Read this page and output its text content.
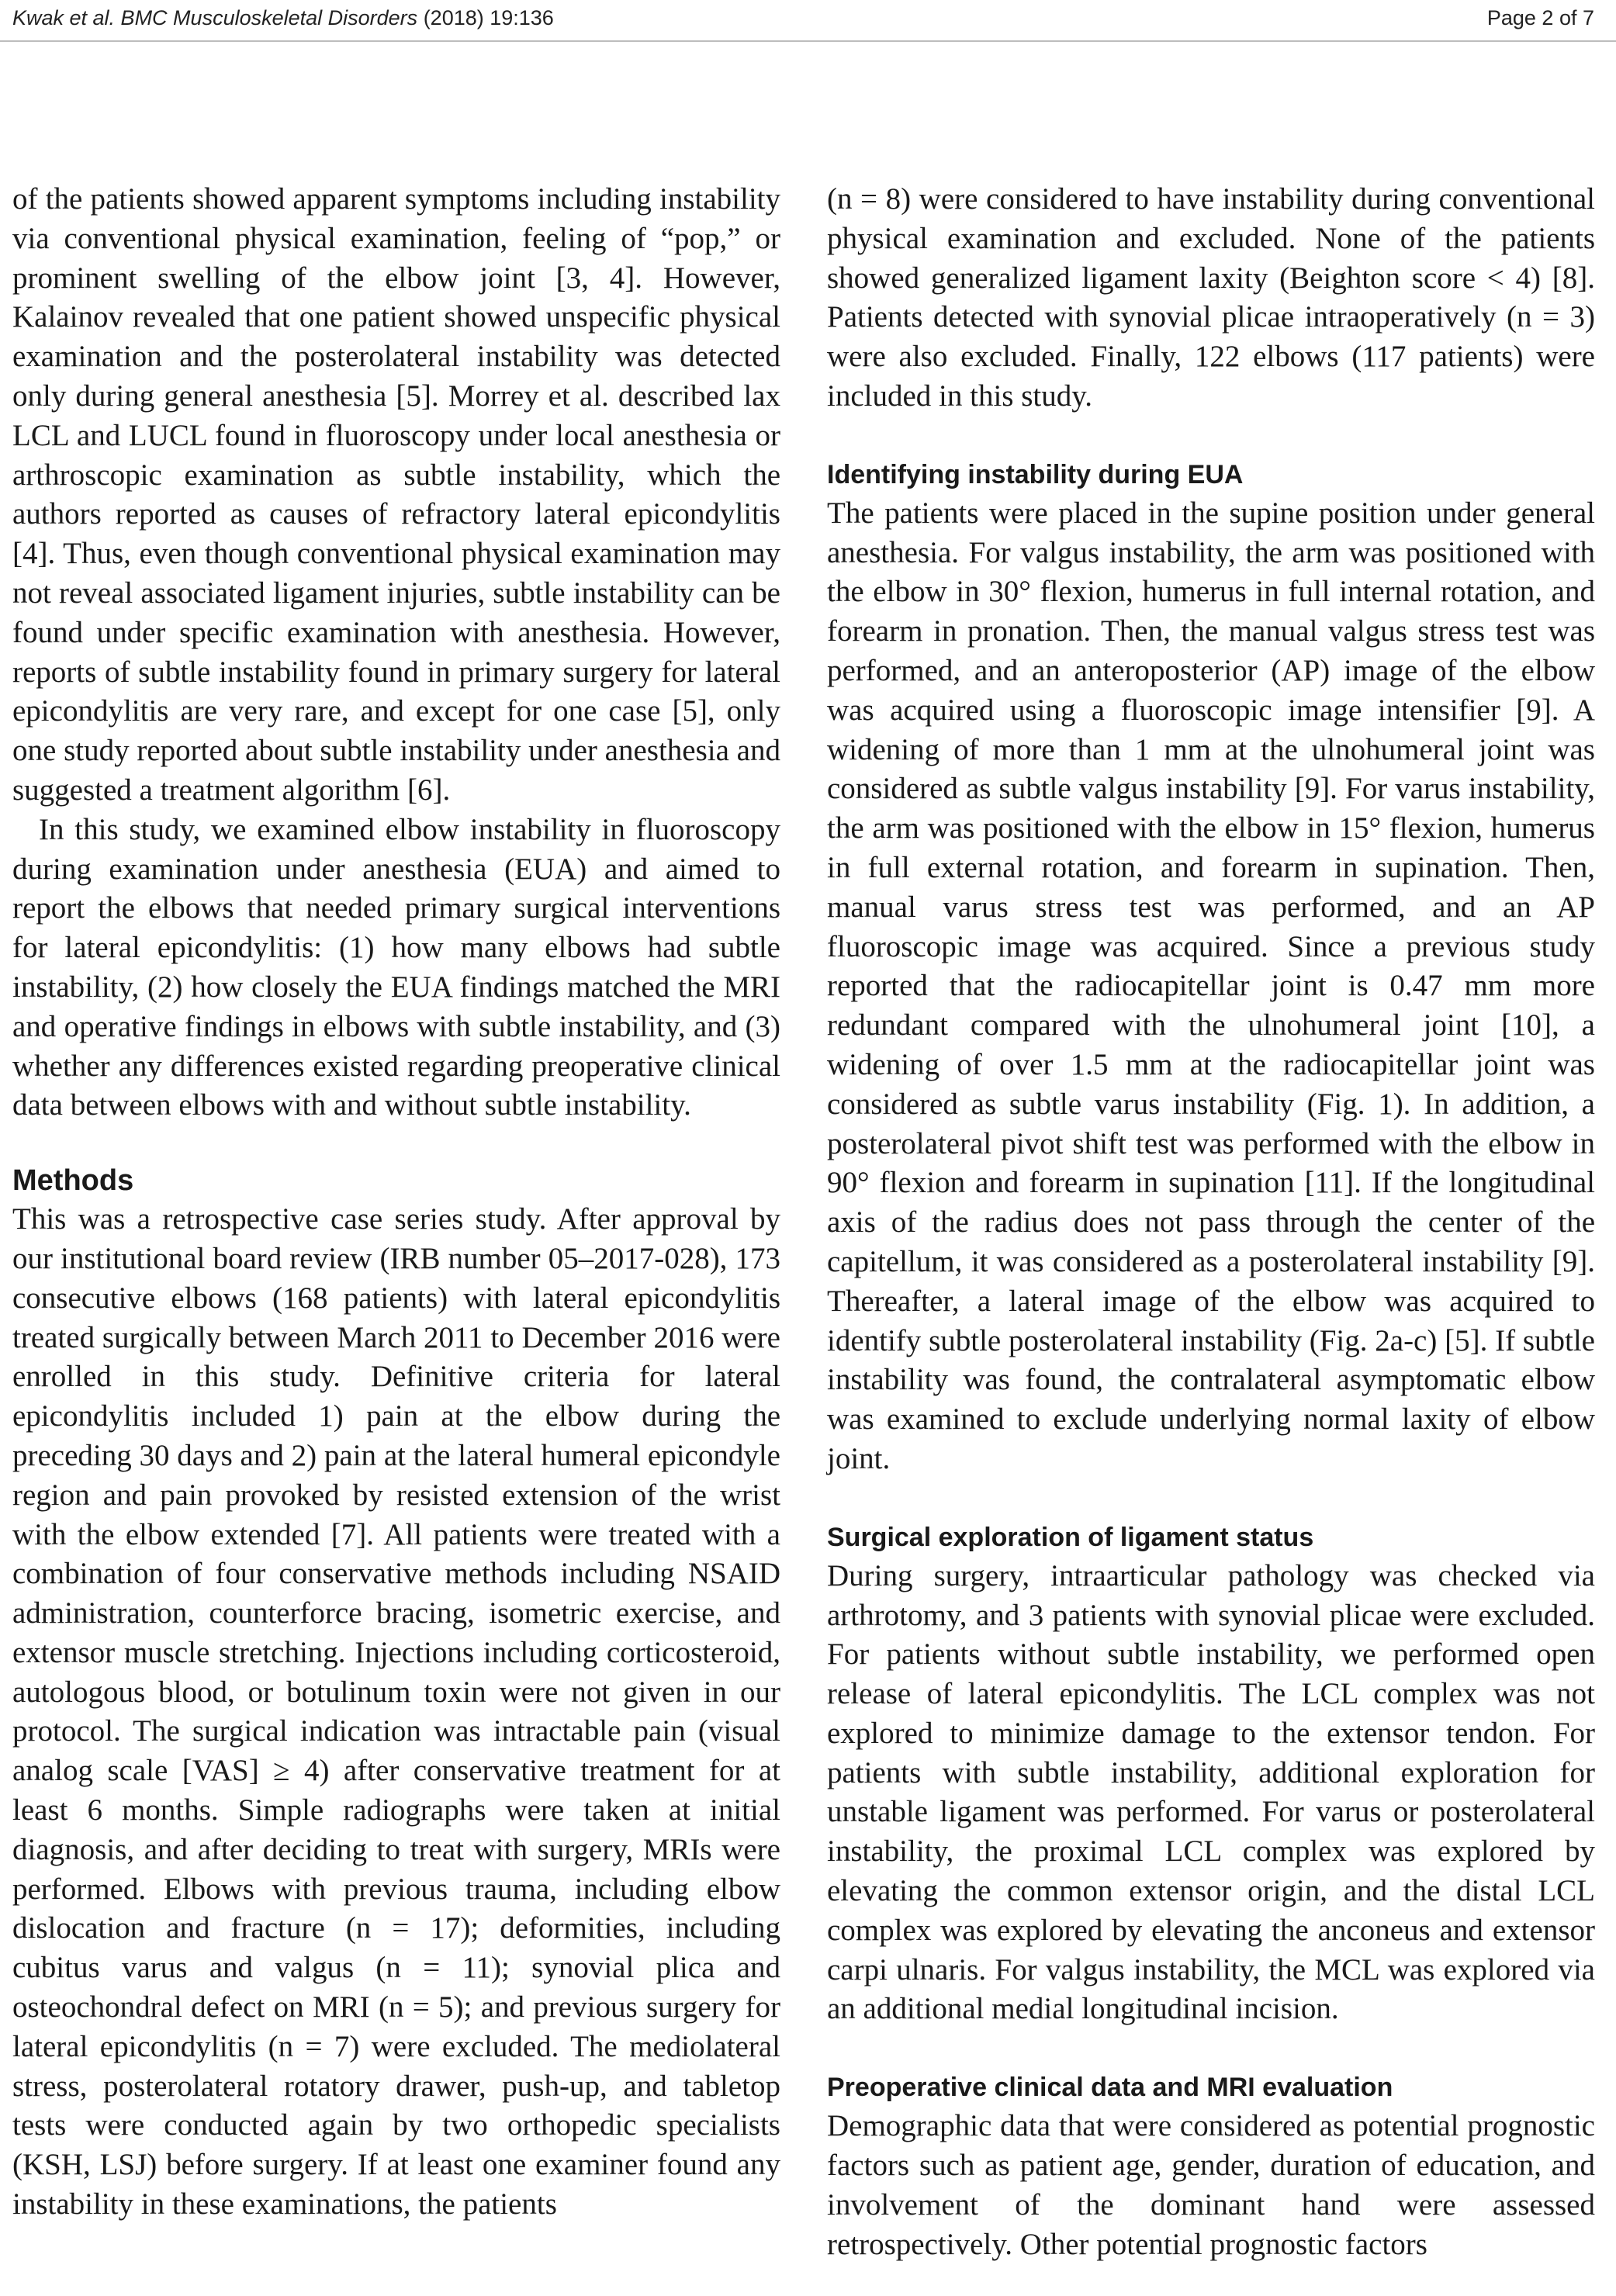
Kwak et al. BMC Musculoskeletal Disorders (2018) 19:136	Page 2 of 7

of the patients showed apparent symptoms including instability via conventional physical examination, feeling of “pop,” or prominent swelling of the elbow joint [3, 4]. However, Kalainov revealed that one patient showed unspecific physical examination and the posterolateral instability was detected only during general anesthesia [5]. Morrey et al. described lax LCL and LUCL found in fluoroscopy under local anesthesia or arthroscopic examination as subtle instability, which the authors reported as causes of refractory lateral epicondylitis [4]. Thus, even though conventional physical examination may not reveal associated ligament injuries, subtle instability can be found under specific examination with anesthesia. However, reports of subtle instability found in primary surgery for lateral epicondylitis are very rare, and except for one case [5], only one study reported about subtle instability under anesthesia and suggested a treatment algorithm [6].

In this study, we examined elbow instability in fluoroscopy during examination under anesthesia (EUA) and aimed to report the elbows that needed primary surgical interventions for lateral epicondylitis: (1) how many elbows had subtle instability, (2) how closely the EUA findings matched the MRI and operative findings in elbows with subtle instability, and (3) whether any differences existed regarding preoperative clinical data between elbows with and without subtle instability.

Methods

This was a retrospective case series study. After approval by our institutional board review (IRB number 05–2017-028), 173 consecutive elbows (168 patients) with lateral epicondylitis treated surgically between March 2011 to December 2016 were enrolled in this study. Definitive criteria for lateral epicondylitis included 1) pain at the elbow during the preceding 30 days and 2) pain at the lateral humeral epicondyle region and pain provoked by resisted extension of the wrist with the elbow extended [7]. All patients were treated with a combination of four conservative methods including NSAID administration, counterforce bracing, isometric exercise, and extensor muscle stretching. Injections including corticosteroid, autologous blood, or botulinum toxin were not given in our protocol. The surgical indication was intractable pain (visual analog scale [VAS] ≥ 4) after conservative treatment for at least 6 months. Simple radiographs were taken at initial diagnosis, and after deciding to treat with surgery, MRIs were performed. Elbows with previous trauma, including elbow dislocation and fracture (n = 17); deformities, including cubitus varus and valgus (n = 11); synovial plica and osteochondral defect on MRI (n = 5); and previous surgery for lateral epicondylitis (n = 7) were excluded. The mediolateral stress, posterolateral rotatory drawer, push-up, and tabletop tests were conducted again by two orthopedic specialists (KSH, LSJ) before surgery. If at least one examiner found any instability in these examinations, the patients

(n = 8) were considered to have instability during conventional physical examination and excluded. None of the patients showed generalized ligament laxity (Beighton score < 4) [8]. Patients detected with synovial plicae intraoperatively (n = 3) were also excluded. Finally, 122 elbows (117 patients) were included in this study.

Identifying instability during EUA

The patients were placed in the supine position under general anesthesia. For valgus instability, the arm was positioned with the elbow in 30° flexion, humerus in full internal rotation, and forearm in pronation. Then, the manual valgus stress test was performed, and an anteroposterior (AP) image of the elbow was acquired using a fluoroscopic image intensifier [9]. A widening of more than 1 mm at the ulnohumeral joint was considered as subtle valgus instability [9]. For varus instability, the arm was positioned with the elbow in 15° flexion, humerus in full external rotation, and forearm in supination. Then, manual varus stress test was performed, and an AP fluoroscopic image was acquired. Since a previous study reported that the radiocapitellar joint is 0.47 mm more redundant compared with the ulnohumeral joint [10], a widening of over 1.5 mm at the radiocapitellar joint was considered as subtle varus instability (Fig. 1). In addition, a posterolateral pivot shift test was performed with the elbow in 90° flexion and forearm in supination [11]. If the longitudinal axis of the radius does not pass through the center of the capitellum, it was considered as a posterolateral instability [9]. Thereafter, a lateral image of the elbow was acquired to identify subtle posterolateral instability (Fig. 2a-c) [5]. If subtle instability was found, the contralateral asymptomatic elbow was examined to exclude underlying normal laxity of elbow joint.

Surgical exploration of ligament status

During surgery, intraarticular pathology was checked via arthrotomy, and 3 patients with synovial plicae were excluded. For patients without subtle instability, we performed open release of lateral epicondylitis. The LCL complex was not explored to minimize damage to the extensor tendon. For patients with subtle instability, additional exploration for unstable ligament was performed. For varus or posterolateral instability, the proximal LCL complex was explored by elevating the common extensor origin, and the distal LCL complex was explored by elevating the anconeus and extensor carpi ulnaris. For valgus instability, the MCL was explored via an additional medial longitudinal incision.

Preoperative clinical data and MRI evaluation

Demographic data that were considered as potential prognostic factors such as patient age, gender, duration of education, and involvement of the dominant hand were assessed retrospectively. Other potential prognostic factors
